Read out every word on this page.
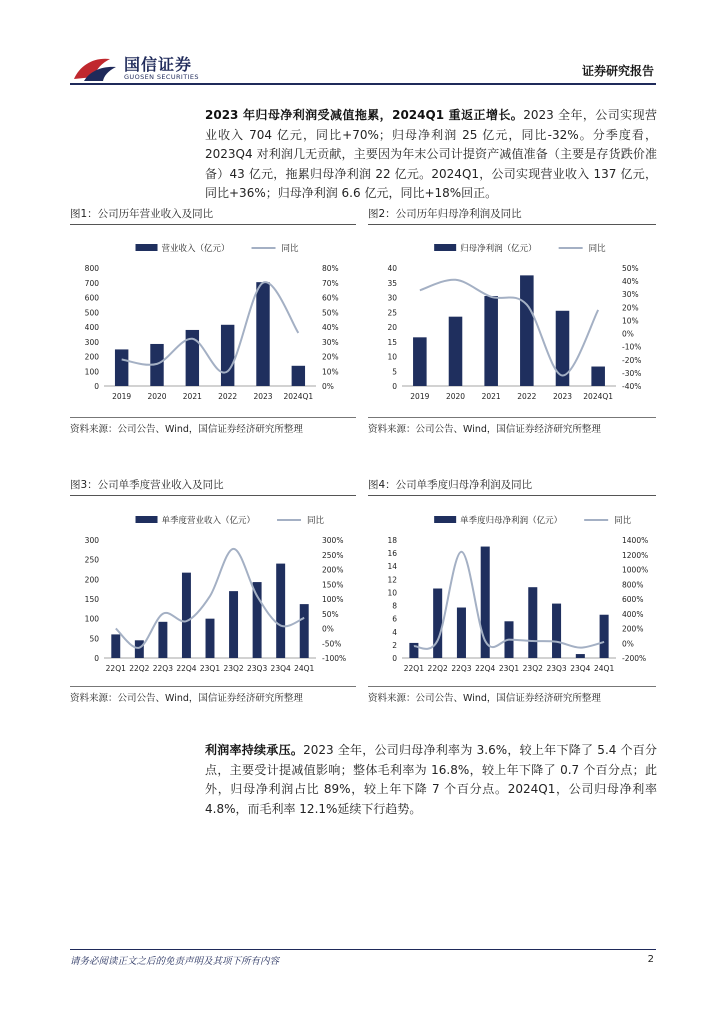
国信证券
GUOSEN SECURITIES	证券研究报告
2023 年归母净利润受减值拖累，2024Q1 重返正增长。2023 全年，公司实现营业收入 704 亿元，同比+70%；归母净利润 25 亿元，同比-32%。分季度看，2023Q4 对利润几无贡献，主要因为年末公司计提资产减值准备（主要是存货跌价准备）43 亿元，拖累归母净利润 22 亿元。2024Q1，公司实现营业收入 137 亿元，同比+36%；归母净利润 6.6 亿元，同比+18%回正。
图1：公司历年营业收入及同比
营业收入（亿元）	同比
0
100
200
300
400
500
600
700
800
0%
10%
20%
30%
40%
50%
60%
70%
80%
2019 2020 2021 2022 2023 2024Q1
资料来源：公司公告、Wind，国信证券经济研究所整理
图2：公司历年归母净利润及同比
归母净利润（亿元）	同比
0
5
10
15
20
25
30
35
40
-40%
-30%
-20%
-10%
0%
10%
20%
30%
40%
50%
2019 2020 2021 2022 2023 2024Q1
资料来源：公司公告、Wind，国信证券经济研究所整理
图3：公司单季度营业收入及同比
单季度营业收入（亿元）	同比
0
50
100
150
200
250
300
-100%
-50%
0%
50%
100%
150%
200%
250%
300%
22Q1 22Q2 22Q3 22Q4 23Q1 23Q2 23Q3 23Q4 24Q1
资料来源：公司公告、Wind，国信证券经济研究所整理
图4：公司单季度归母净利润及同比
单季度归母净利润（亿元）	同比
0
2
4
6
8
10
12
14
16
18
-200%
0%
200%
400%
600%
800%
1000%
1200%
1400%
22Q1 22Q2 22Q3 22Q4 23Q1 23Q2 23Q3 23Q4 24Q1
资料来源：公司公告、Wind，国信证券经济研究所整理
利润率持续承压。2023 全年，公司归母净利率为 3.6%，较上年下降了 5.4 个百分点，主要受计提减值影响；整体毛利率为 16.8%，较上年下降了 0.7 个百分点；此外，归母净利润占比 89%，较上年下降 7 个百分点。2024Q1，公司归母净利率 4.8%，而毛利率 12.1%延续下行趋势。
请务必阅读正文之后的免责声明及其项下所有内容	2
